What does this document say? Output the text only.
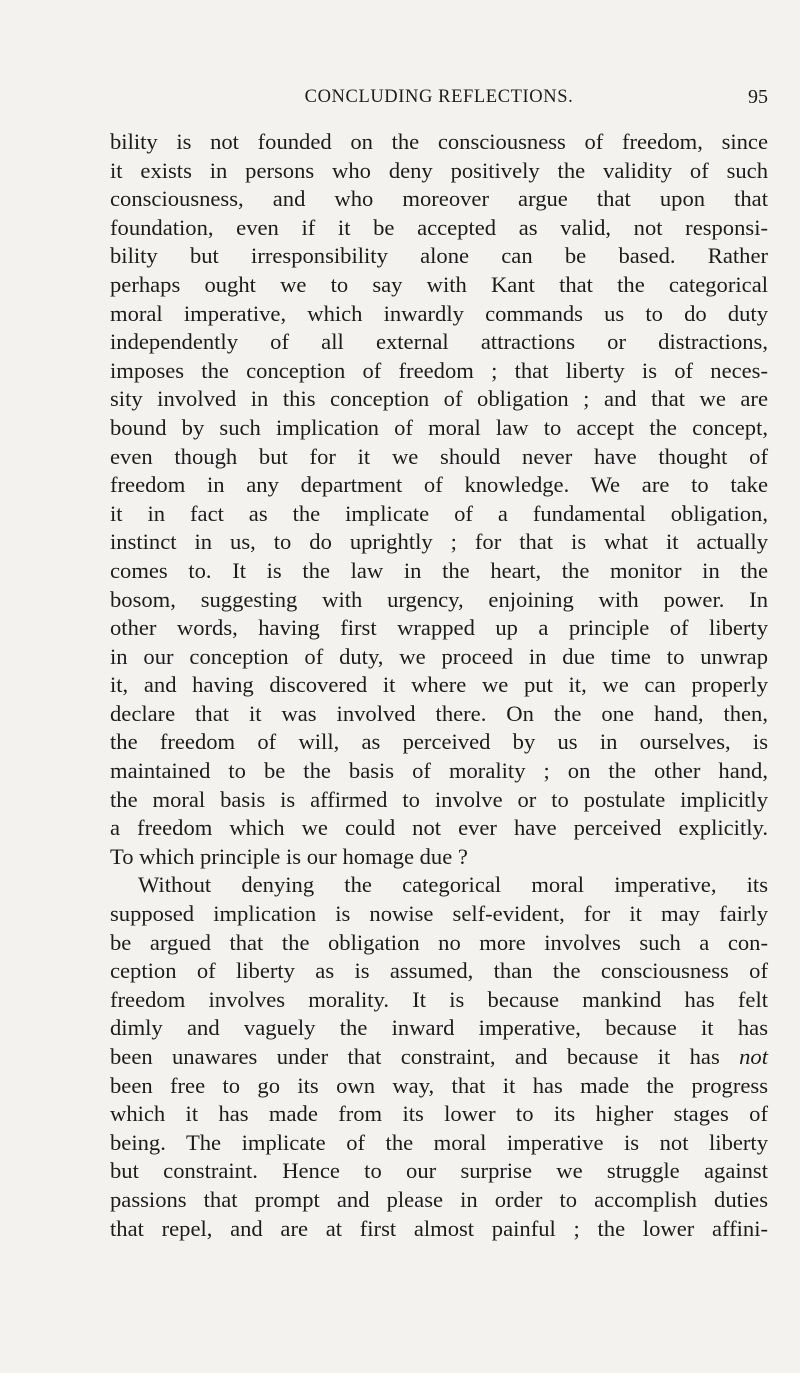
CONCLUDING REFLECTIONS.	95
bility is not founded on the consciousness of freedom, since
it exists in persons who deny positively the validity of such
consciousness, and who moreover argue that upon that
foundation, even if it be accepted as valid, not responsi-
bility but irresponsibility alone can be based. Rather
perhaps ought we to say with Kant that the categorical
moral imperative, which inwardly commands us to do duty
independently of all external attractions or distractions,
imposes the conception of freedom ; that liberty is of neces-
sity involved in this conception of obligation ; and that we are
bound by such implication of moral law to accept the concept,
even though but for it we should never have thought of
freedom in any department of knowledge. We are to take
it in fact as the implicate of a fundamental obligation,
instinct in us, to do uprightly ; for that is what it actually
comes to. It is the law in the heart, the monitor in the
bosom, suggesting with urgency, enjoining with power. In
other words, having first wrapped up a principle of liberty
in our conception of duty, we proceed in due time to unwrap
it, and having discovered it where we put it, we can properly
declare that it was involved there. On the one hand, then,
the freedom of will, as perceived by us in ourselves, is
maintained to be the basis of morality ; on the other hand,
the moral basis is affirmed to involve or to postulate implicitly
a freedom which we could not ever have perceived explicitly.
To which principle is our homage due ?
Without denying the categorical moral imperative, its
supposed implication is nowise self-evident, for it may fairly
be argued that the obligation no more involves such a con-
ception of liberty as is assumed, than the consciousness of
freedom involves morality. It is because mankind has felt
dimly and vaguely the inward imperative, because it has
been unawares under that constraint, and because it has not
been free to go its own way, that it has made the progress
which it has made from its lower to its higher stages of
being. The implicate of the moral imperative is not liberty
but constraint. Hence to our surprise we struggle against
passions that prompt and please in order to accomplish duties
that repel, and are at first almost painful ; the lower affini-
